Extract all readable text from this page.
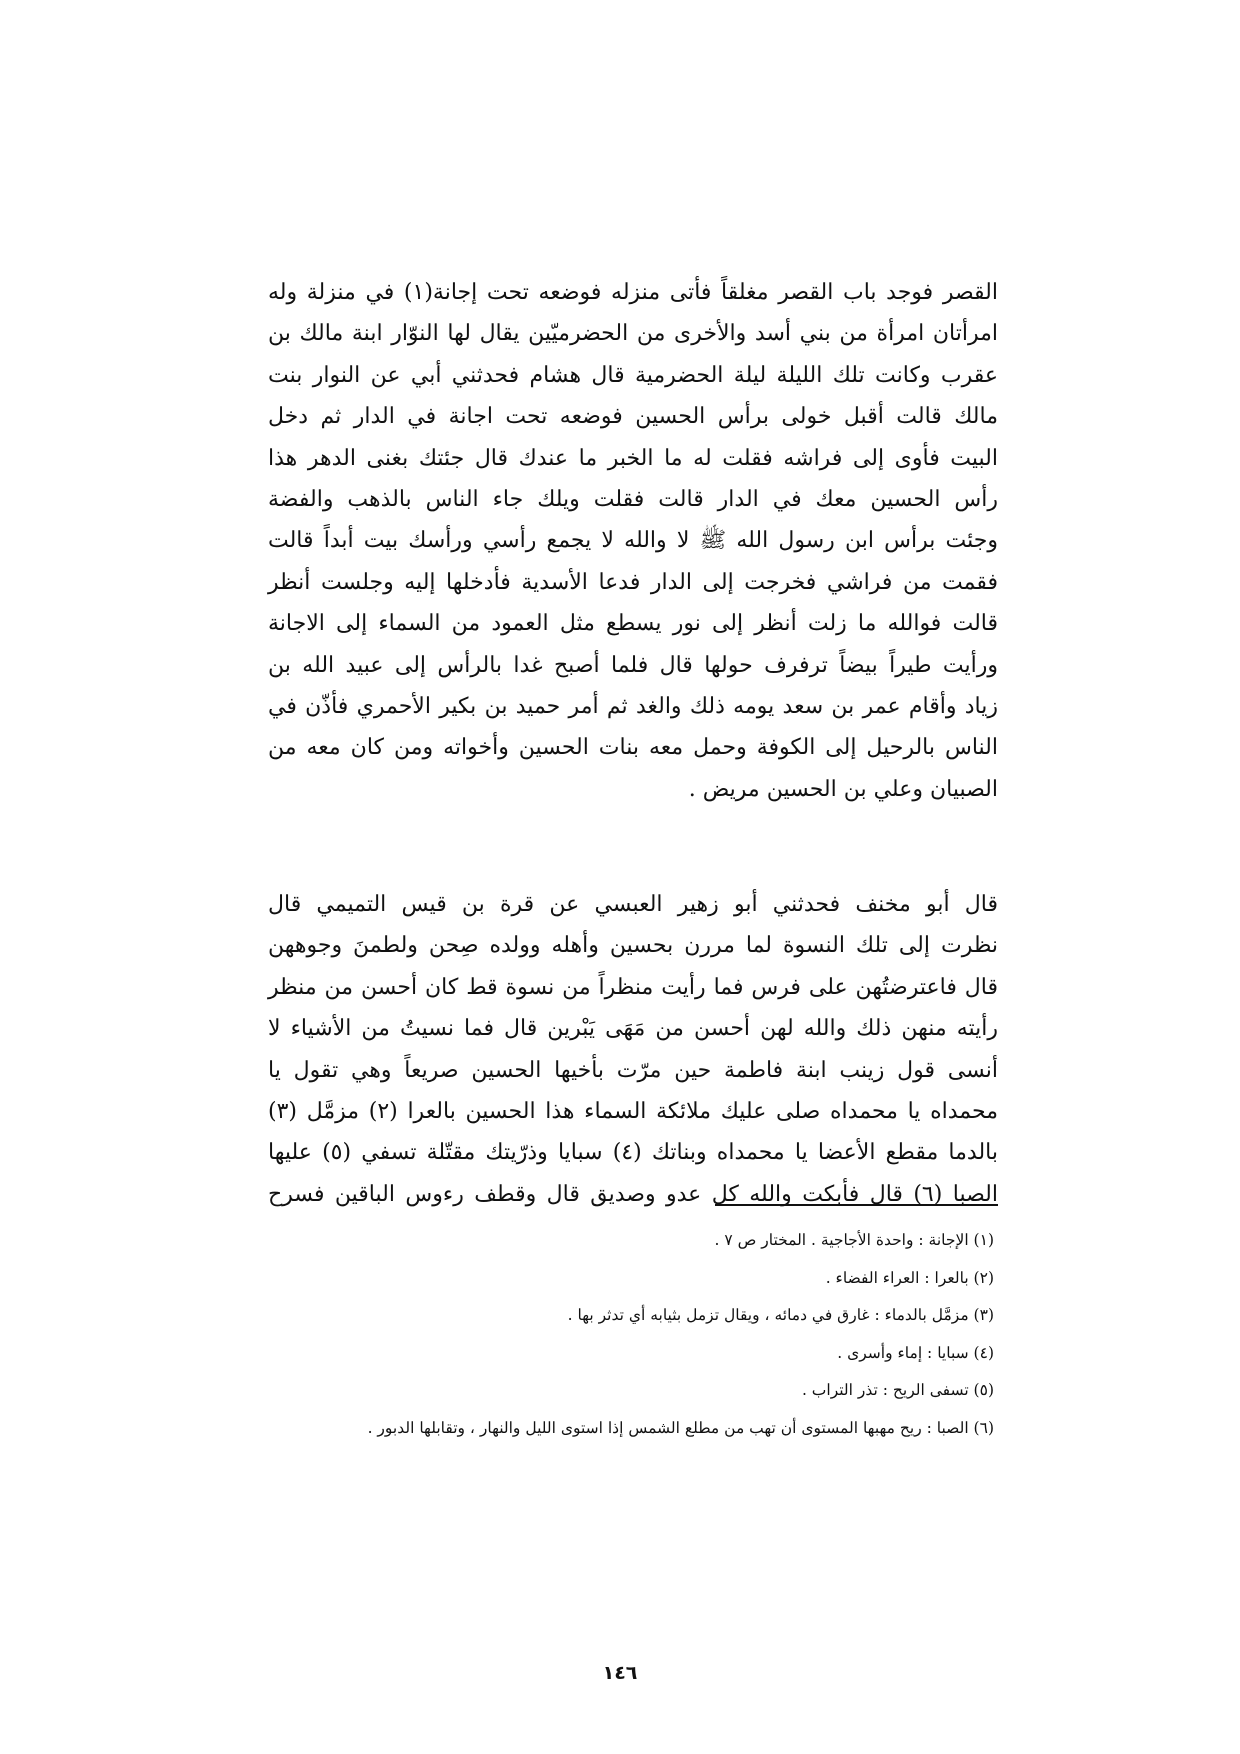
القصر فوجد باب القصر مغلقاً فأتى منزله فوضعه تحت إجانة(١) في منزلة وله
امرأتان امرأة من بني أسد والأخرى من الحضرميّين يقال لها النوّار ابنة مالك بن
عقرب وكانت تلك الليلة ليلة الحضرمية قال هشام فحدثني أبي عن النوار بنت
مالك قالت أقبل خولى برأس الحسين فوضعه تحت اجانة في الدار ثم دخل
البيت فأوى إلى فراشه فقلت له ما الخبر ما عندك قال جئتك بغنى الدهر هذا
رأس الحسين معك في الدار قالت فقلت ويلك جاء الناس بالذهب والفضة
وجئت برأس ابن رسول الله ﷺ لا والله لا يجمع رأسي ورأسك بيت أبداً قالت
فقمت من فراشي فخرجت إلى الدار فدعا الأسدية فأدخلها إليه وجلست أنظر
قالت فوالله ما زلت أنظر إلى نور يسطع مثل العمود من السماء إلى الاجانة
ورأيت طيراً بيضاً ترفرف حولها قال فلما أصبح غدا بالرأس إلى عبيد الله بن
زياد وأقام عمر بن سعد يومه ذلك والغد ثم أمر حميد بن بكير الأحمري فأذّن في
الناس بالرحيل إلى الكوفة وحمل معه بنات الحسين وأخواته ومن كان معه من
الصبيان وعلي بن الحسين مريض .
قال أبو مخنف فحدثني أبو زهير العبسي عن قرة بن قيس التميمي قال
نظرت إلى تلك النسوة لما مررن بحسين وأهله وولده صِحن ولطمنَ وجوههن
قال فاعترضتُهن على فرس فما رأيت منظراً من نسوة قط كان أحسن من منظر
رأيته منهن ذلك والله لهن أحسن من مَهَى يَبْرين قال فما نسيتُ من الأشياء لا
أنسى قول زينب ابنة فاطمة حين مرّت بأخيها الحسين صريعاً وهي تقول يا
محمداه يا محمداه صلى عليك ملائكة السماء هذا الحسين بالعرا (٢) مزمَّل (٣)
بالدما مقطع الأعضا يا محمداه وبناتك (٤) سبايا وذرّيتك مقتّلة تسفي (٥) عليها
الصبا (٦) قال فأبكت والله كل عدو وصديق قال وقطف رءوس الباقين فسرح
(١) الإجانة : واحدة الأجاجية . المختار ص ٧ .
(٢) بالعرا : العراء الفضاء .
(٣) مزمَّل بالدماء : غارق في دمائه ، ويقال تزمل بثيابه أي تدثر بها .
(٤) سبايا : إماء وأسرى .
(٥) تسفى الريح : تذر التراب .
(٦) الصبا : ريح مهبها المستوى أن تهب من مطلع الشمس إذا استوى الليل والنهار ، وتقابلها الدبور .
١٤٦
